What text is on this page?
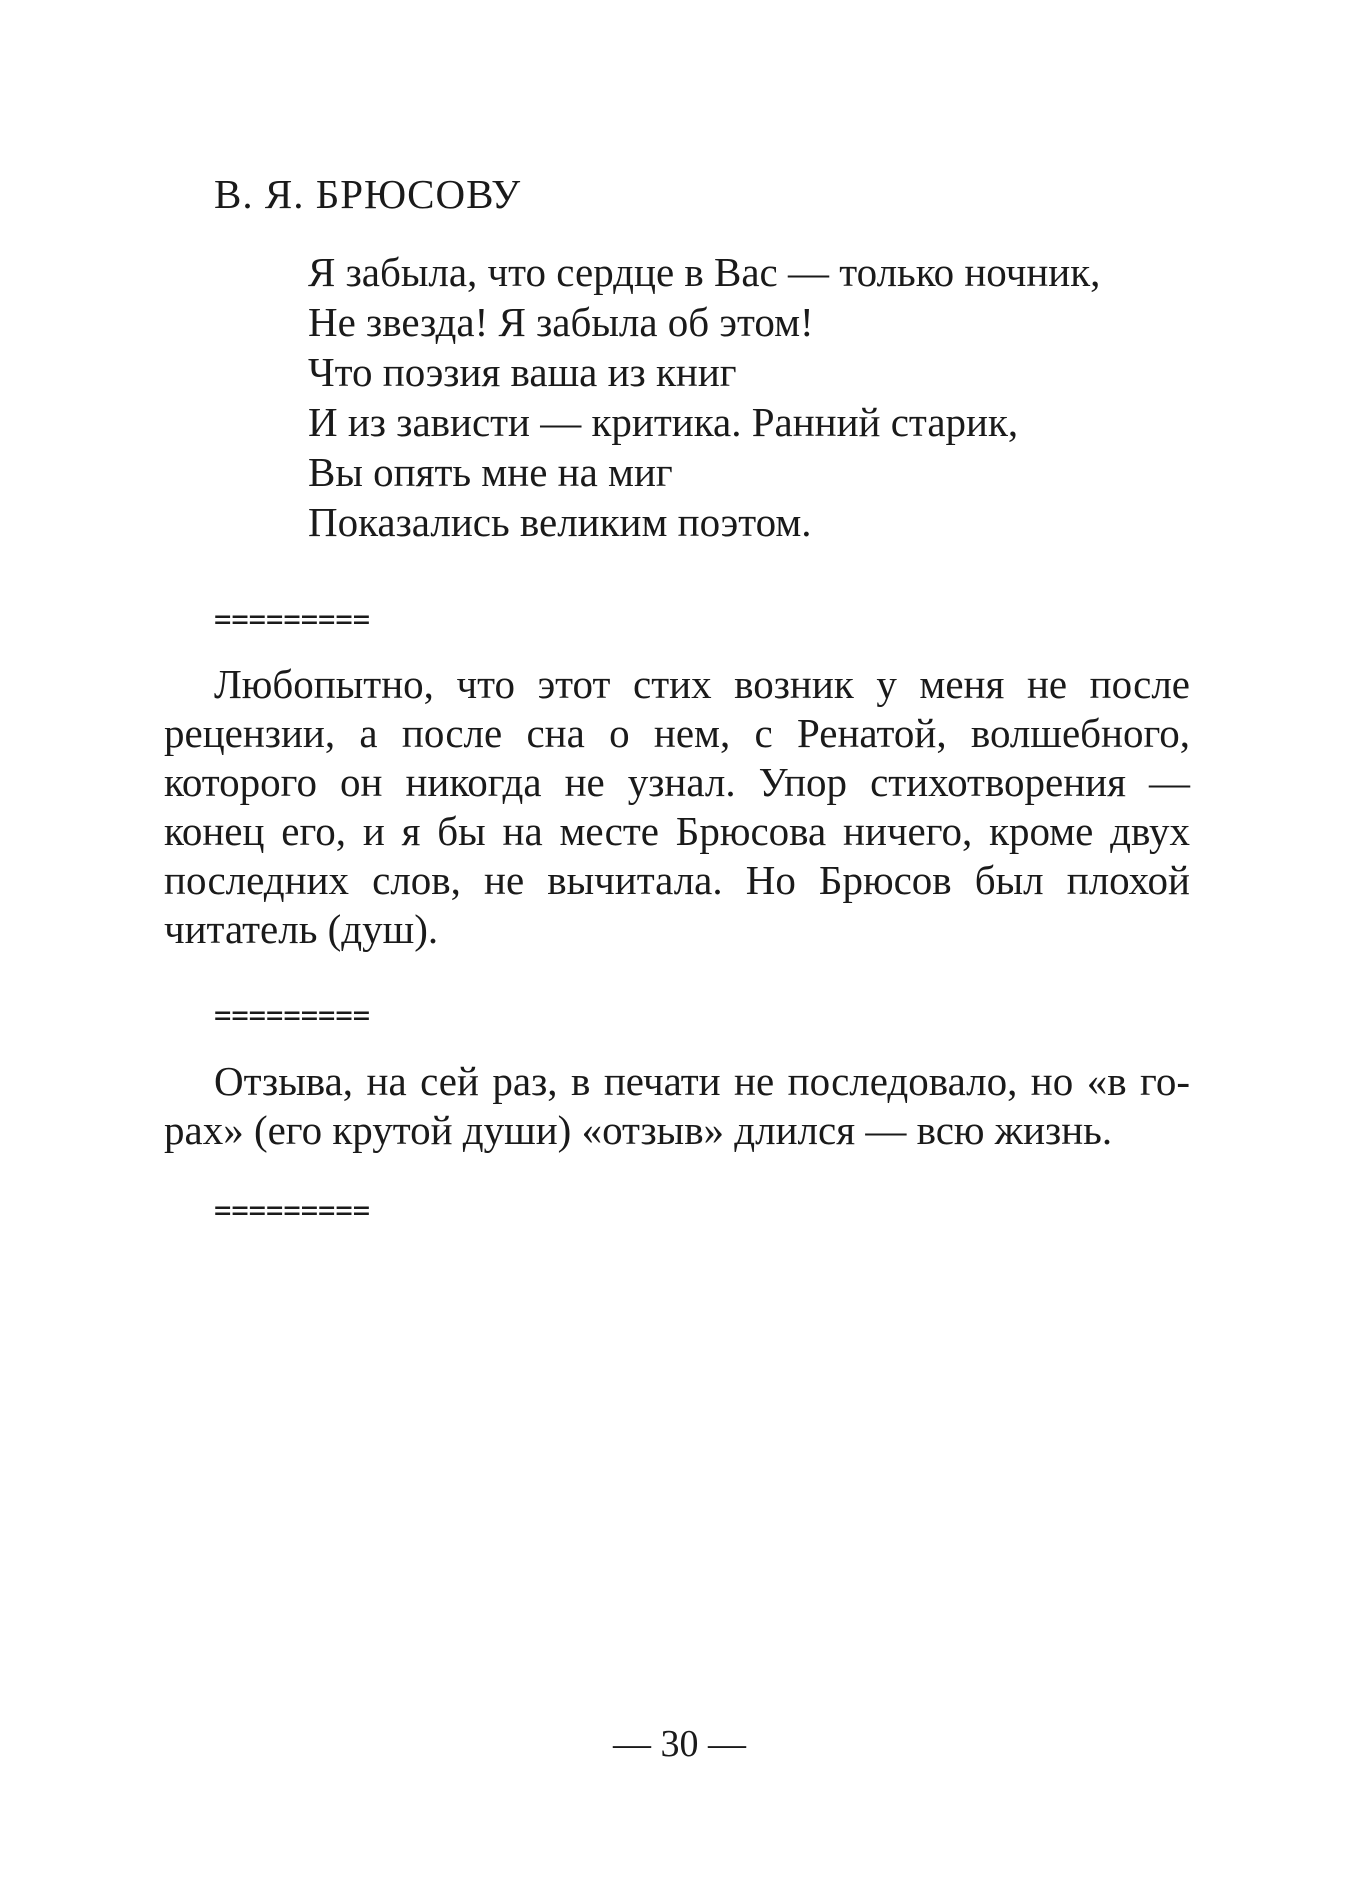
В. Я. БРЮСОВУ
Я забыла, что сердце в Вас — только ночник,
Не звезда! Я забыла об этом!
Что поэзия ваша из книг
И из зависти — критика. Ранний старик,
Вы опять мне на миг
Показались великим поэтом.
=========
Любопытно, что этот стих возник у меня не после
рецензии, а после сна о нем, с Ренатой, волшебного,
которого он никогда не узнал. Упор стихотворения —
конец его, и я бы на месте Брюсова ничего, кроме двух
последних слов, не вычитала. Но Брюсов был плохой
читатель (душ).
=========
Отзыва, на сей раз, в печати не последовало, но «в го-
рах» (его крутой души) «отзыв» длился — всю жизнь.
=========
— 30 —
